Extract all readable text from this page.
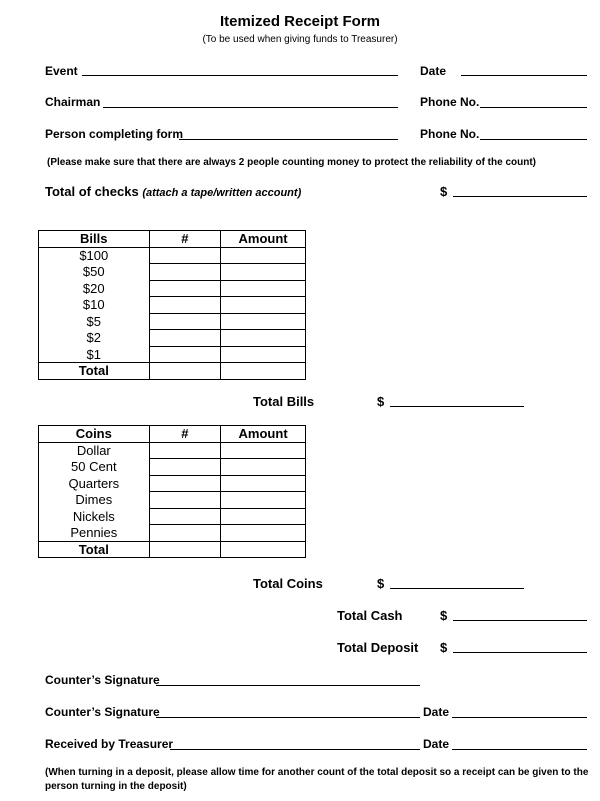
Itemized Receipt Form
(To be used when giving funds to Treasurer)
Event	Date
Chairman	Phone No.
Person completing form	Phone No.
(Please make sure that there are always 2 people counting money to protect the reliability of the count)
Total of checks (attach a tape/written account)	$
Bills	#	Amount
$100		
$50		
$20		
$10		
$5		
$2		
$1		
Total		
Total Bills	$
Coins	#	Amount
Dollar		
50 Cent		
Quarters		
Dimes		
Nickels		
Pennies		
Total		
Total Coins	$
Total Cash	$
Total Deposit $
Counter’s Signature
Counter’s Signature	Date
Received by Treasurer	Date
(When turning in a deposit, please allow time for another count of the total deposit so a receipt can be given to the
person turning in the deposit)
